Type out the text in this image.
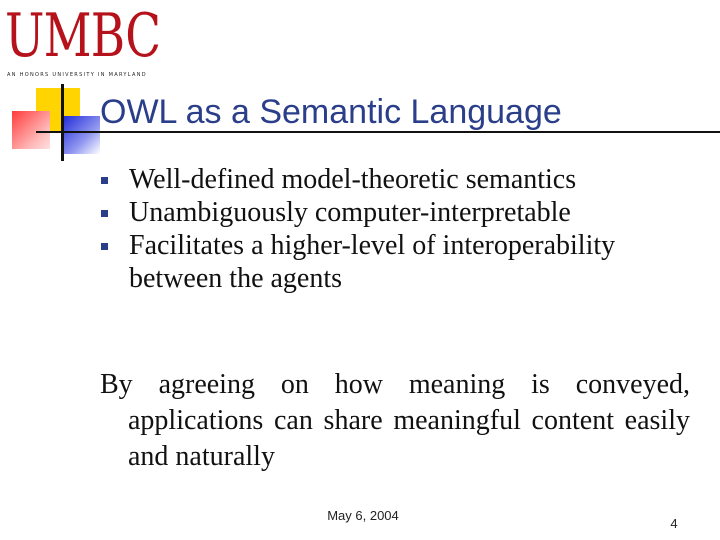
UMBC
AN HONORS UNIVERSITY IN MARYLAND
OWL as a Semantic Language
Well-defined model-theoretic semantics
Unambiguously computer-interpretable
Facilitates a higher-level of interoperability between the agents
By agreeing on how meaning is conveyed, applications can share meaningful content easily and naturally
May 6, 2004
4
